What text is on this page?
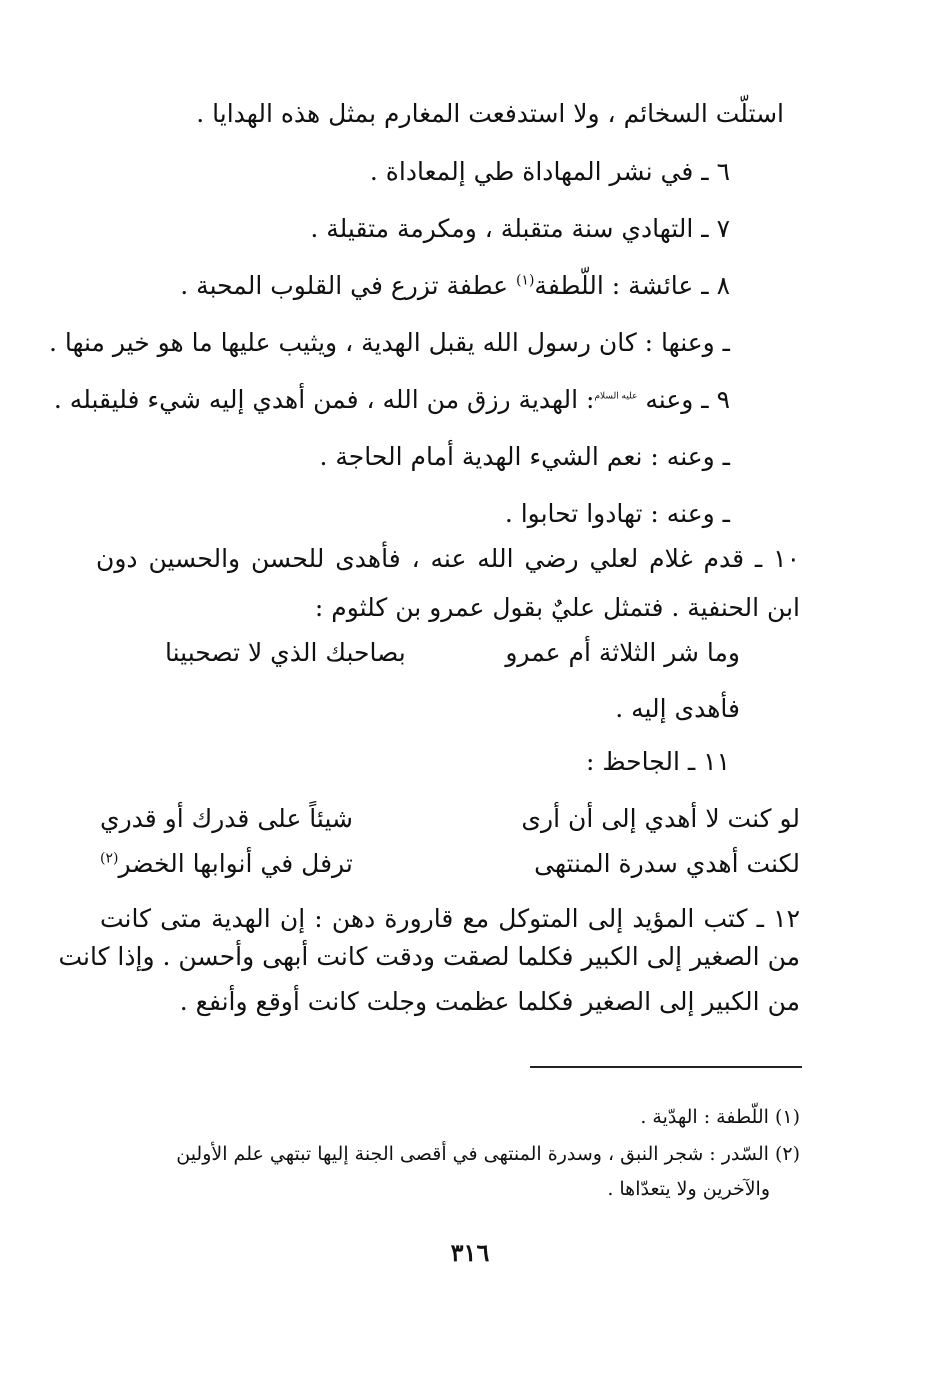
استلّت السخائم ، ولا استدفعت المغارم بمثل هذه الهدايا .
٦ ـ في نشر المهاداة طي إلمعاداة .
٧ ـ التهادي سنة متقبلة ، ومكرمة متقيلة .
٨ ـ عائشة : اللّطفة$^{(١)}$ عطفة تزرع في القلوب المحبة .
ـ وعنها : كان رسول الله يقبل الهدية ، ويثيب عليها ما هو خير منها .
٩ ـ وعنه $^{عليه السلام}$: الهدية رزق من الله ، فمن أهدي إليه شيء فليقبله .
ـ وعنه : نعم الشيء الهدية أمام الحاجة .
ـ وعنه : تهادوا تحابوا .
١٠ ـ قدم غلام لعلي رضي الله عنه ، فأهدى للحسن والحسين دون
ابن الحنفية . فتمثل عليٌ بقول عمرو بن كلثوم :
وما شر الثلاثة أم عمرو
بصاحبك الذي لا تصحبينا
فأهدى إليه .
١١ ـ الجاحظ :
لو كنت لا أهدي إلى أن أرى
شيئاً على قدرك أو قدري
لكنت أهدي سدرة المنتهى
ترفل في أنوابها الخضر$^{(٢)}$
١٢ ـ كتب المؤيد إلى المتوكل مع قارورة دهن : إن الهدية متى كانت
من الصغير إلى الكبير فكلما لصقت ودقت كانت أبهى وأحسن . وإذا كانت
من الكبير إلى الصغير فكلما عظمت وجلت كانت أوقع وأنفع .
(١) اللّطفة : الهدّية .
(٢) السّدر : شجر النبق ، وسدرة المنتهى في أقصى الجنة إليها تبتهي علم الأولين
والآخرين ولا يتعدّاها .
٣١٦
